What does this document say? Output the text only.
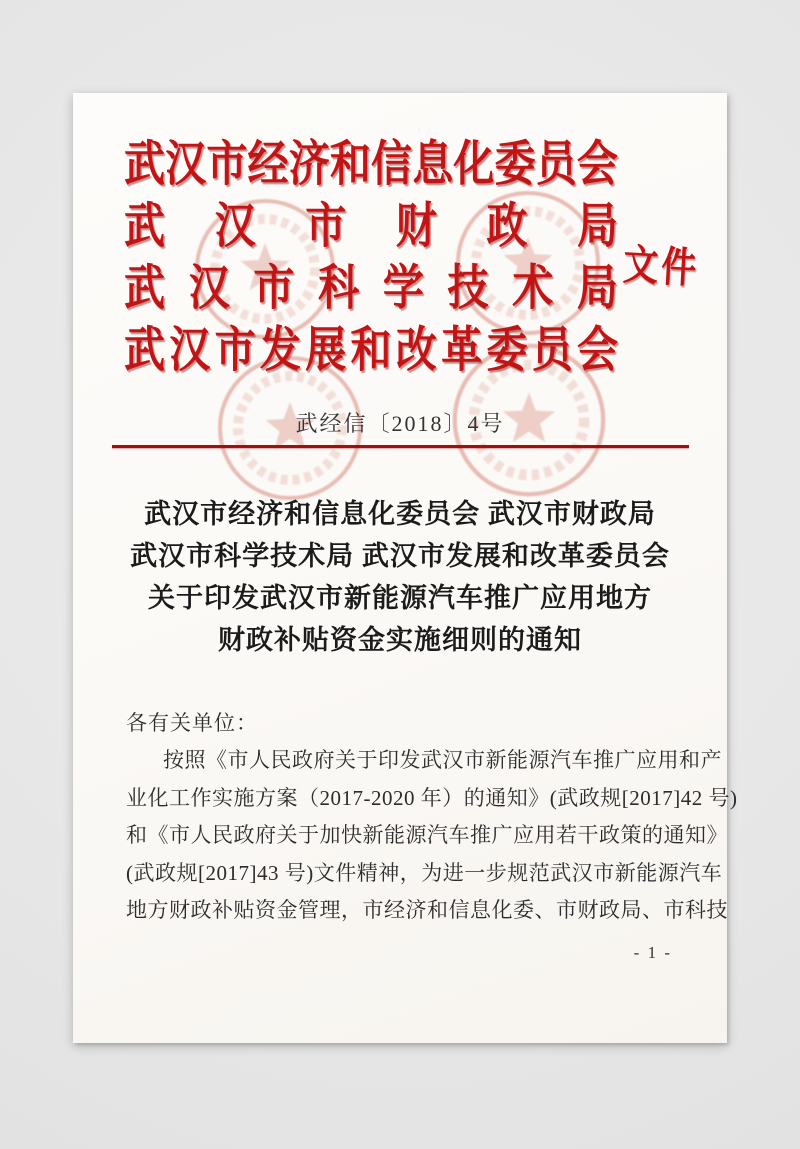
武 汉 市 经 济 和 信 息 化 委 员 会
武 汉 市 财 政 局
武 汉 市 科 学 技 术 局
武 汉 市 发 展 和 改 革 委 员 会
文件
武经信〔2018〕4号
武汉市经济和信息化委员会 武汉市财政局
武汉市科学技术局 武汉市发展和改革委员会
关于印发武汉市新能源汽车推广应用地方
财政补贴资金实施细则的通知
各有关单位：
按照《市人民政府关于印发武汉市新能源汽车推广应用和产
业化工作实施方案（2017-2020 年）的通知》(武政规[2017]42 号)
和《市人民政府关于加快新能源汽车推广应用若干政策的通知》
(武政规[2017]43 号)文件精神，为进一步规范武汉市新能源汽车
地方财政补贴资金管理，市经济和信息化委、市财政局、市科技
- 1 -
